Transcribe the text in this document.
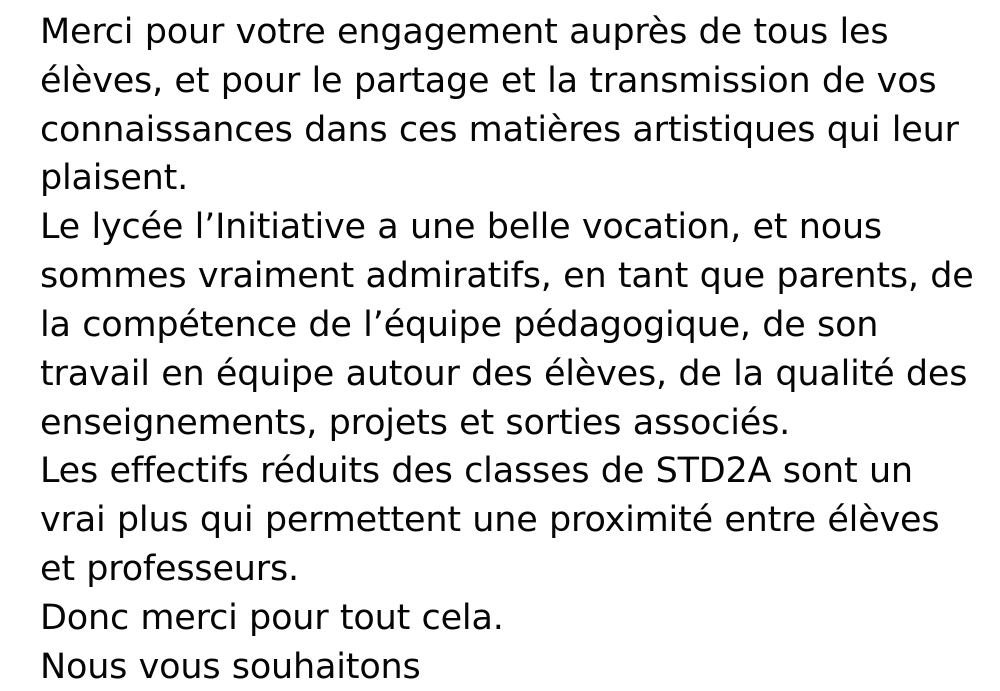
Merci pour votre engagement auprès de tous les élèves, et pour le partage et la transmission de vos connaissances dans ces matières artistiques qui leur plaisent.

Le lycée l’Initiative a une belle vocation, et nous sommes vraiment admiratifs, en tant que parents, de la compétence de l’équipe pédagogique, de son travail en équipe autour des élèves, de la qualité des enseignements, projets et sorties associés.

Les effectifs réduits des classes de STD2A sont un vrai plus qui permettent une proximité entre élèves et professeurs.

Donc merci pour tout cela.

Nous vous souhaitons
